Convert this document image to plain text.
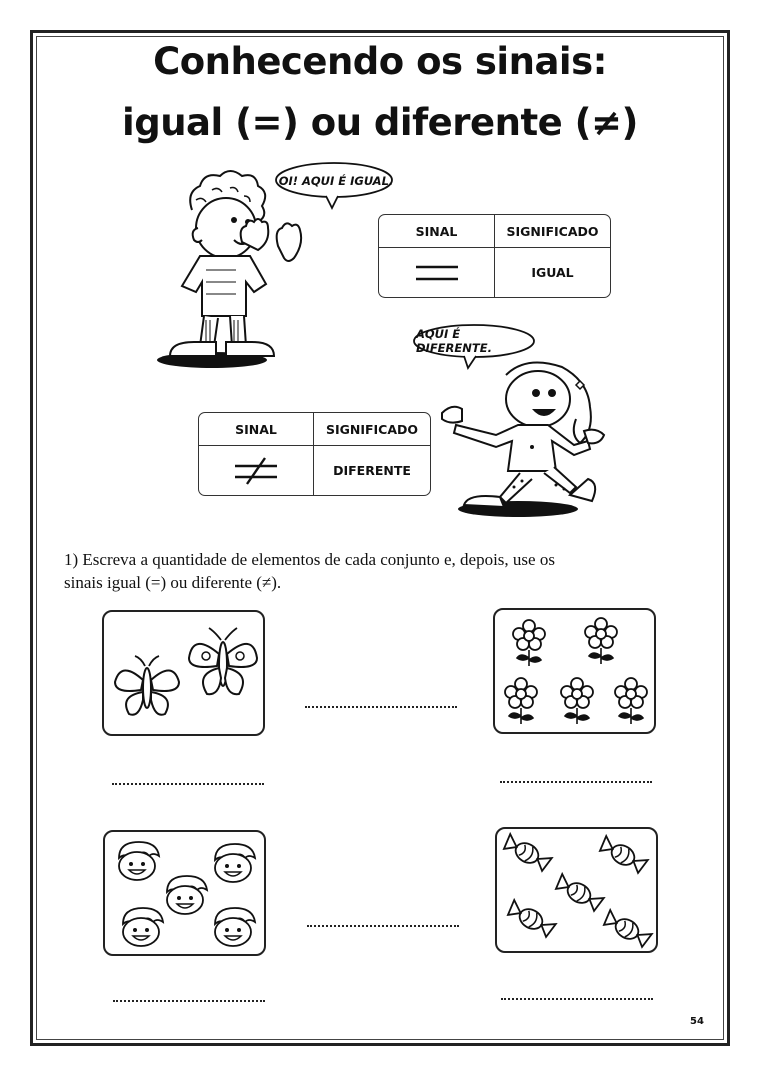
Conhecendo os sinais:
igual (=) ou diferente (≠)
OI! AQUI É IGUAL.
SINAL	SIGNIFICADO
IGUAL
AQUI É DIFERENTE.
SINAL	SIGNIFICADO
DIFERENTE
1) Escreva a quantidade de elementos de cada conjunto e, depois, use os
sinais igual (=) ou diferente (≠).
54
